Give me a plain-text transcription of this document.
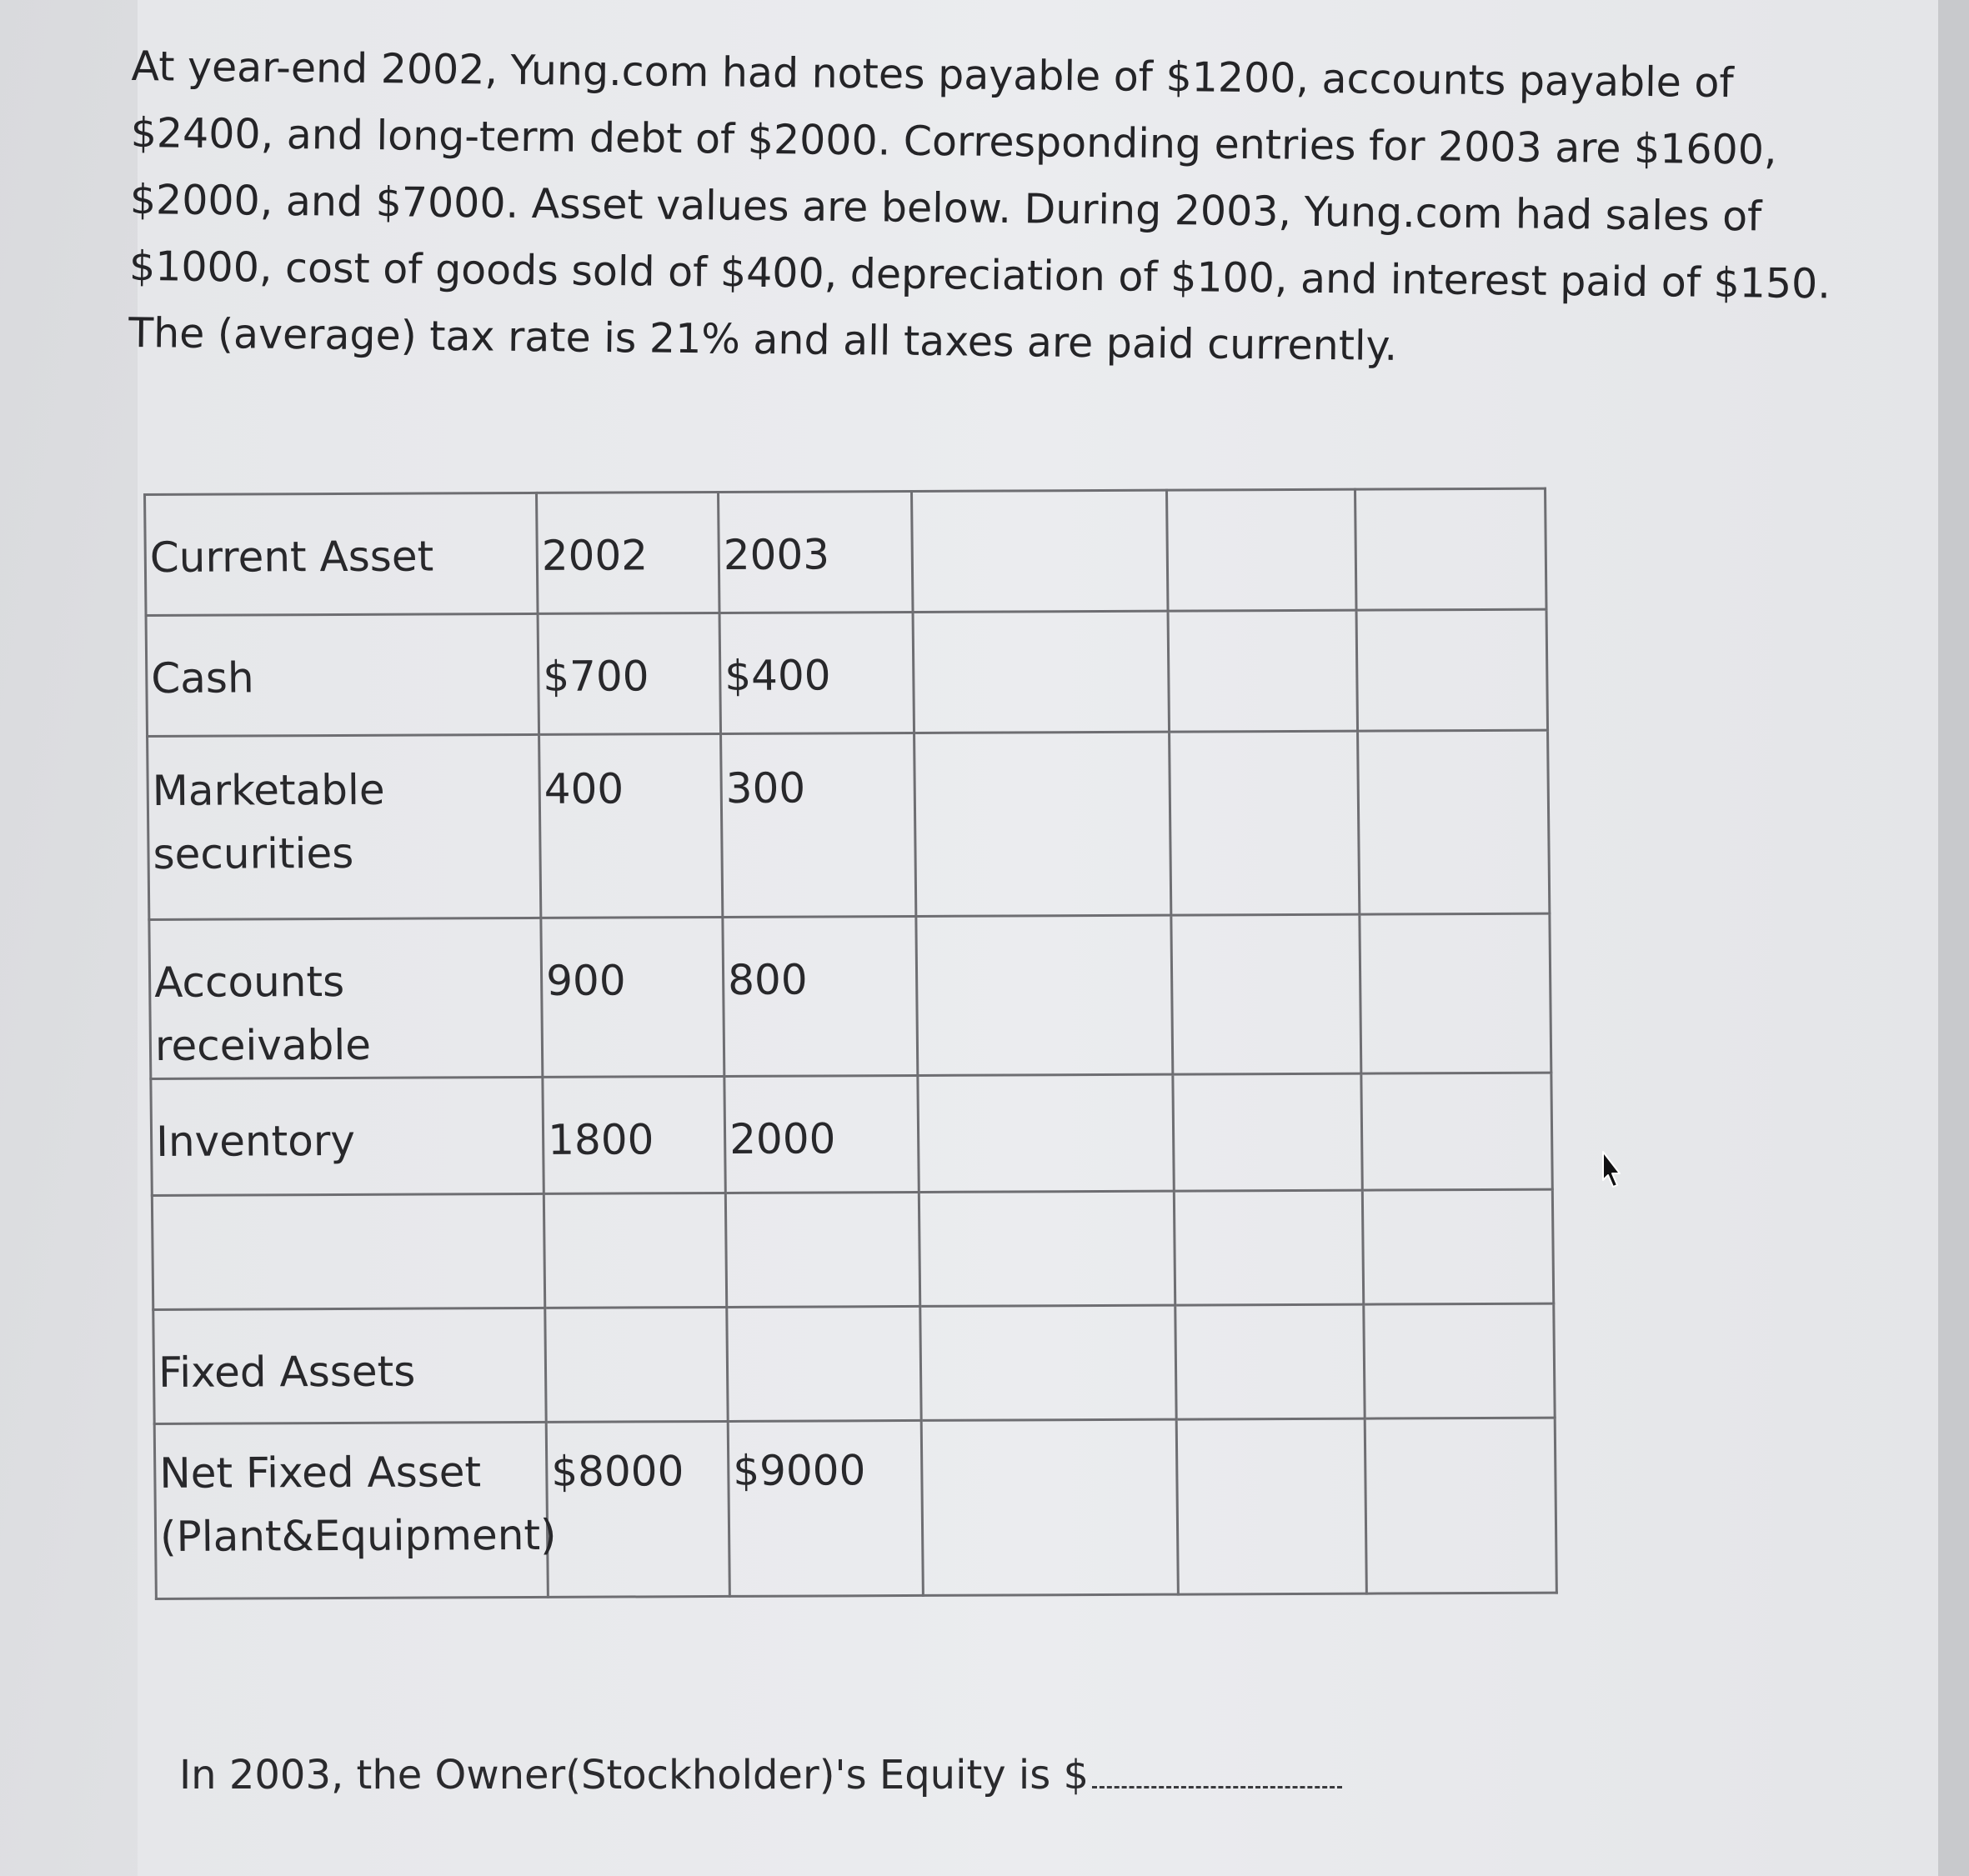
At year-end 2002, Yung.com had notes payable of $1200, accounts payable of $2400, and long-term debt of $2000. Corresponding entries for 2003 are $1600, $2000, and $7000. Asset values are below. During 2003, Yung.com had sales of $1000, cost of goods sold of $400, depreciation of $100, and interest paid of $150. The (average) tax rate is 21% and all taxes are paid currently.

Current Asset	2002	2003			
Cash	$700	$400			
Marketable securities	400	300			
Accounts receivable	900	800			
Inventory	1800	2000			

Fixed Assets					
Net Fixed Asset (Plant&Equipment)	$8000	$9000			

In 2003, the Owner(Stockholder)'s Equity is $
